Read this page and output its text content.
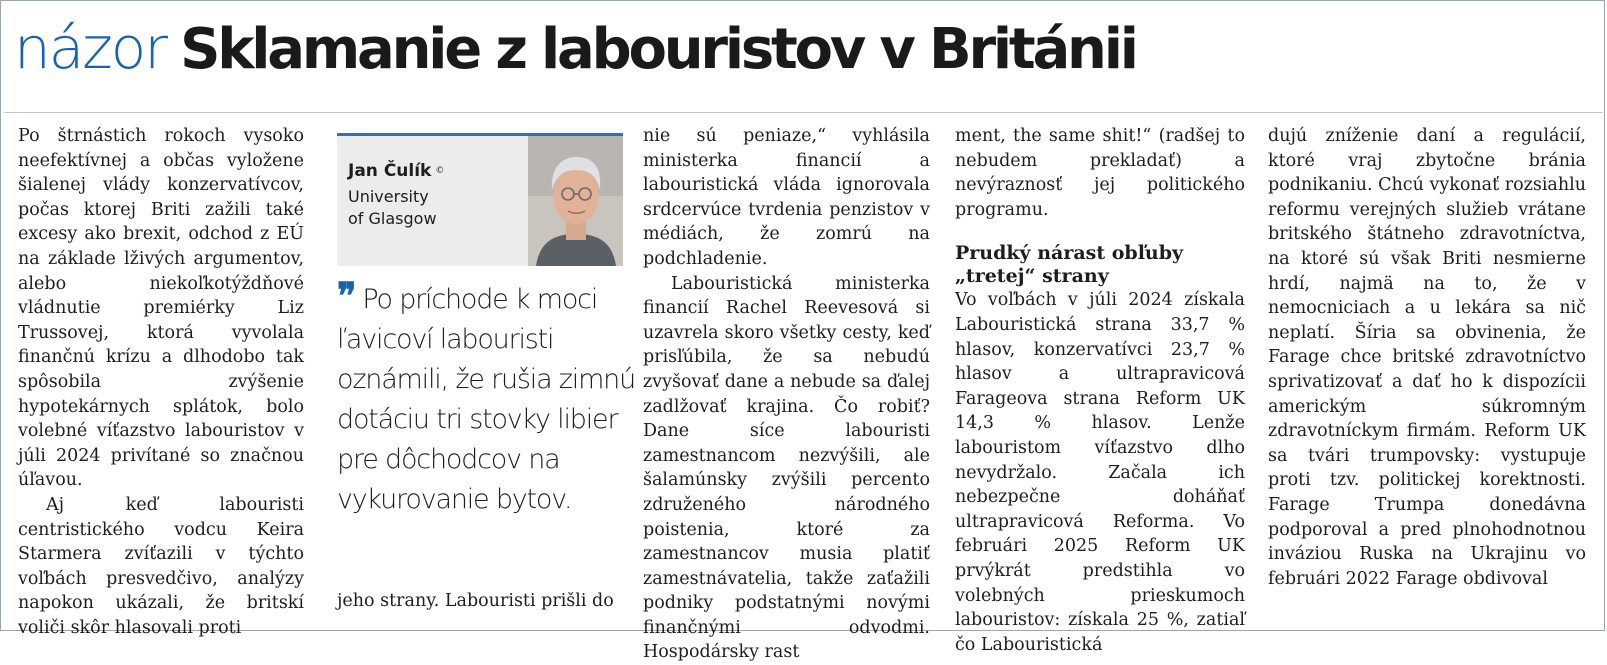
názor Sklamanie z labouristov v Británii

Po štrnástich rokoch vysoko neefektívnej a občas vyložene šialenej vlády konzervatívcov, počas ktorej Briti zažili také excesy ako brexit, odchod z EÚ na základe lživých argumentov, alebo niekoľkotýždňové vládnutie premiérky Liz Trussovej, ktorá vyvolala finančnú krízu a dlhodobo tak spôsobila zvýšenie hypotekárnych splátok, bolo volebné víťazstvo labouristov v júli 2024 privítané so značnou úľavou.

Aj keď labouristi centristického vodcu Keira Starmera zvíťazili v týchto voľbách presvedčivo, analýzy napokon ukázali, že britskí voliči skôr hlasovali proti

Jan Čulík ©
University
of Glasgow
❞ Po príchode k moci ľavicoví labouristi oznámili, že rušia zimnú dotáciu tri stovky libier pre dôchodcov na vykurovanie bytov.
jeho strany. Labouristi prišli do

nie sú peniaze,“ vyhlásila ministerka financií a labouristická vláda ignorovala srdcervúce tvrdenia penzistov v médiách, že zomrú na podchladenie.

Labouristická ministerka financií Rachel Reevesová si uzavrela skoro všetky cesty, keď prisľúbila, že sa nebudú zvyšovať dane a nebude sa ďalej zadlžovať krajina. Čo robiť? Dane síce labouristi zamestnancom nezvýšili, ale šalamúnsky zvýšili percento združeného národného poistenia, ktoré za zamestnancov musia platiť zamestnávatelia, takže zaťažili podniky podstatnými novými finančnými odvodmi. Hospodársky rast

ment, the same shit!“ (radšej to nebudem prekladať) a nevýraznosť jej politického programu.

Prudký nárast obľuby „tretej“ strany

Vo voľbách v júli 2024 získala Labouristická strana 33,7 % hlasov, konzervatívci 23,7 % hlasov a ultrapravicová Farageova strana Reform UK 14,3 % hlasov. Lenže labouristom víťazstvo dlho nevydržalo. Začala ich nebezpečne doháňať ultrapravicová Reforma. Vo februári 2025 Reform UK prvýkrát predstihla vo volebných prieskumoch labouristov: získala 25 %, zatiaľ čo Labouristická

dujú zníženie daní a regulácií, ktoré vraj zbytočne bránia podnikaniu. Chcú vykonať rozsiahlu reformu verejných služieb vrátane britského štátneho zdravotníctva, na ktoré sú však Briti nesmierne hrdí, najmä na to, že v nemocniciach a u lekára sa nič neplatí. Šíria sa obvinenia, že Farage chce britské zdravotníctvo sprivatizovať a dať ho k dispozícii americkým súkromným zdravotníckym firmám. Reform UK sa tvári trumpovsky: vystupuje proti tzv. politickej korektnosti. Farage Trumpa donedávna podporoval a pred plnohodnotnou inváziou Ruska na Ukrajinu vo februári 2022 Farage obdivoval
